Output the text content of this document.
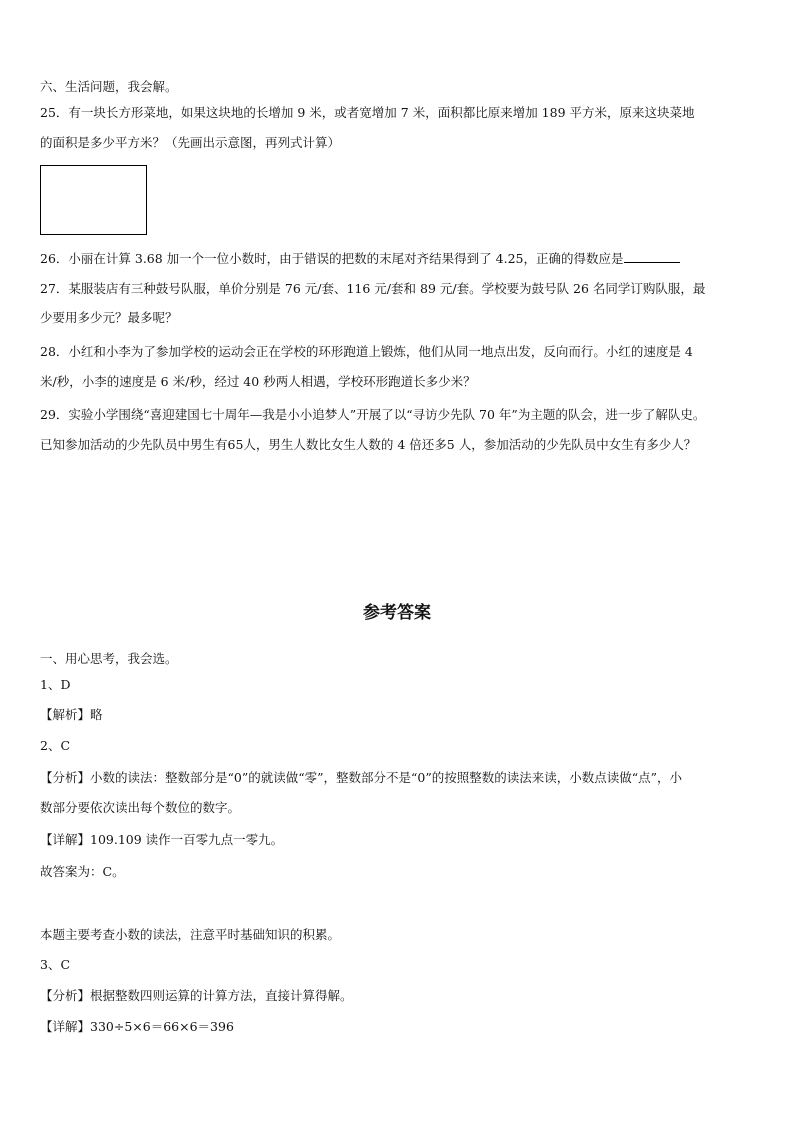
六、生活问题，我会解。
25．有一块长方形菜地，如果这块地的长增加 9 米，或者宽增加 7 米，面积都比原来增加 189 平方米，原来这块菜地
的面积是多少平方米？（先画出示意图，再列式计算）
26．小丽在计算 3.68 加一个一位小数时，由于错误的把数的末尾对齐结果得到了 4.25，正确的得数应是
27．某服装店有三种鼓号队服，单价分别是 76 元/套、116 元/套和 89 元/套。学校要为鼓号队 26 名同学订购队服，最
少要用多少元？最多呢？
28．小红和小李为了参加学校的运动会正在学校的环形跑道上锻炼，他们从同一地点出发，反向而行。小红的速度是 4
米/秒，小李的速度是 6 米/秒，经过 40 秒两人相遇，学校环形跑道长多少米？
29．实验小学围绕“喜迎建国七十周年—我是小小追梦人”开展了以“寻访少先队 70 年”为主题的队会，进一步了解队史。
已知参加活动的少先队员中男生有65人，男生人数比女生人数的 4 倍还多5 人，参加活动的少先队员中女生有多少人？
参考答案
一、用心思考，我会选。
1、D
【解析】略
2、C
【分析】小数的读法：整数部分是“0”的就读做“零”，整数部分不是“0”的按照整数的读法来读，小数点读做“点”，小
数部分要依次读出每个数位的数字。
【详解】109.109 读作一百零九点一零九。
故答案为：C。
本题主要考查小数的读法，注意平时基础知识的积累。
3、C
【分析】根据整数四则运算的计算方法，直接计算得解。
【详解】330÷5×6＝66×6＝396
